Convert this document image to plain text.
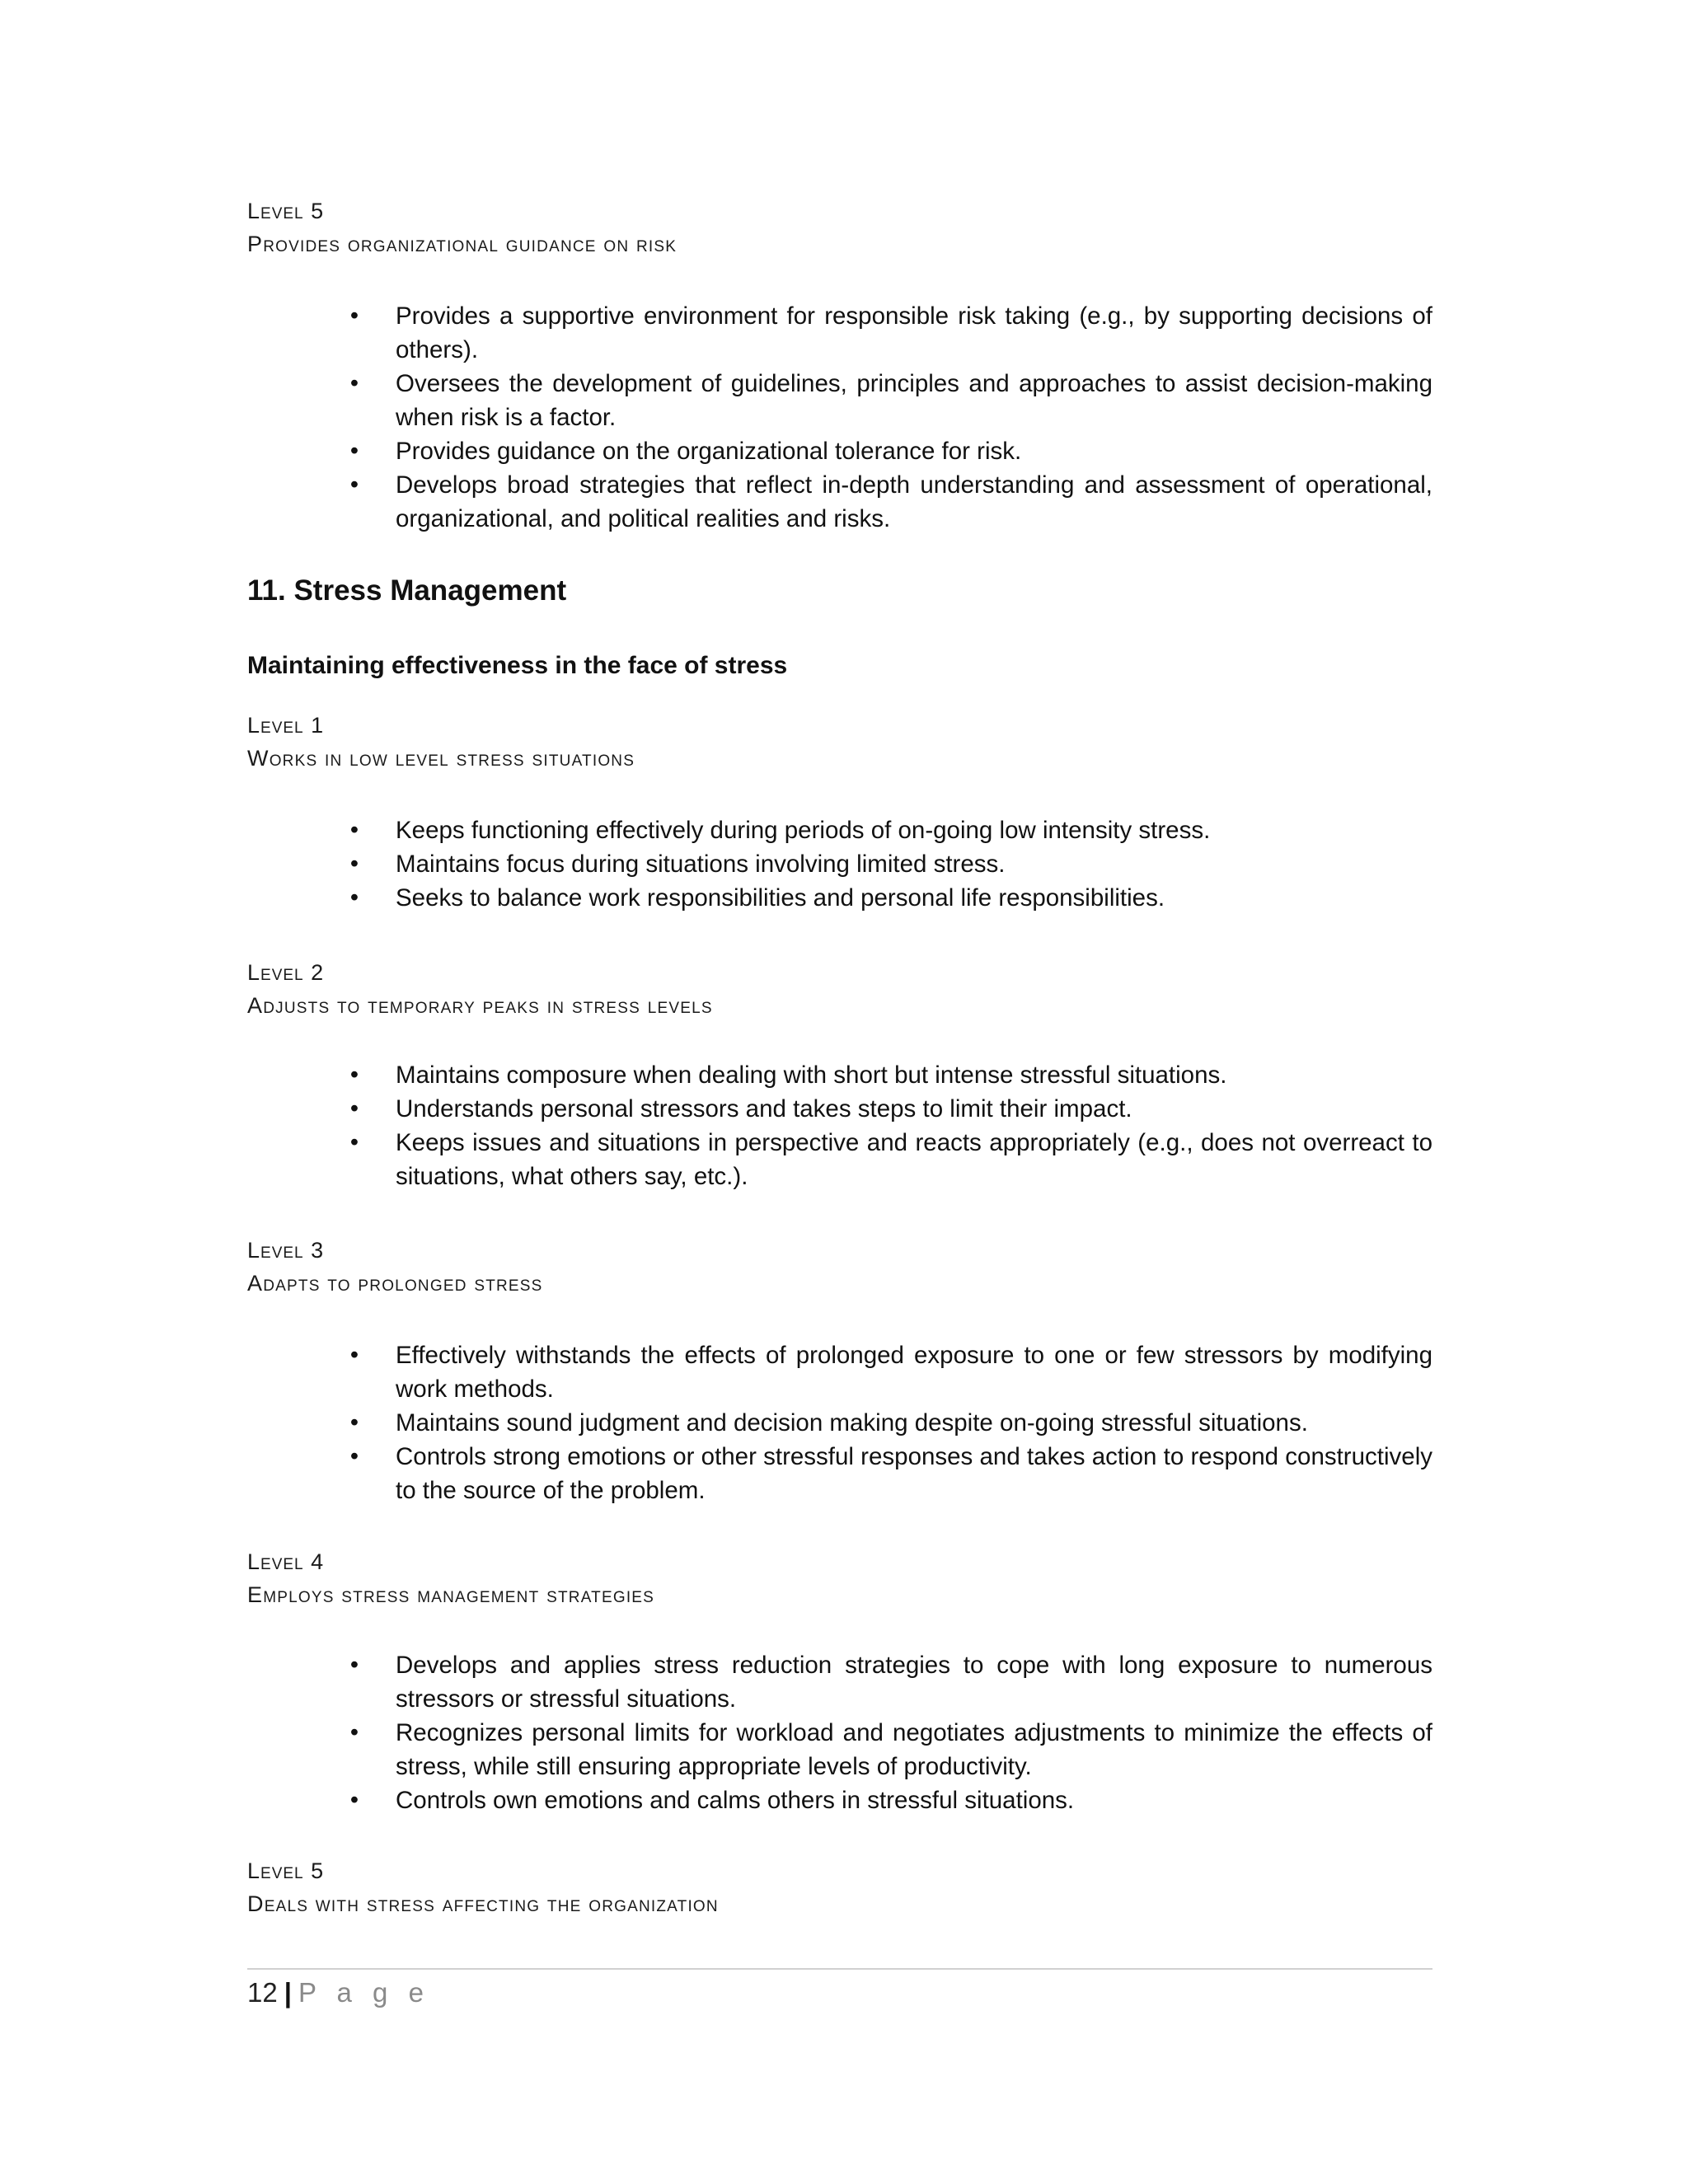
Level 5
Provides organizational guidance on risk
• Provides a supportive environment for responsible risk taking (e.g., by supporting decisions of others).
• Oversees the development of guidelines, principles and approaches to assist decision-making when risk is a factor.
• Provides guidance on the organizational tolerance for risk.
• Develops broad strategies that reflect in-depth understanding and assessment of operational, organizational, and political realities and risks.
11. Stress Management
Maintaining effectiveness in the face of stress
Level 1
Works in low level stress situations
• Keeps functioning effectively during periods of on-going low intensity stress.
• Maintains focus during situations involving limited stress.
• Seeks to balance work responsibilities and personal life responsibilities.
Level 2
Adjusts to temporary peaks in stress levels
• Maintains composure when dealing with short but intense stressful situations.
• Understands personal stressors and takes steps to limit their impact.
• Keeps issues and situations in perspective and reacts appropriately (e.g., does not overreact to situations, what others say, etc.).
Level 3
Adapts to prolonged stress
• Effectively withstands the effects of prolonged exposure to one or few stressors by modifying work methods.
• Maintains sound judgment and decision making despite on-going stressful situations.
• Controls strong emotions or other stressful responses and takes action to respond constructively to the source of the problem.
Level 4
Employs stress management strategies
• Develops and applies stress reduction strategies to cope with long exposure to numerous stressors or stressful situations.
• Recognizes personal limits for workload and negotiates adjustments to minimize the effects of stress, while still ensuring appropriate levels of productivity.
• Controls own emotions and calms others in stressful situations.
Level 5
Deals with stress affecting the organization
12 | P a g e
